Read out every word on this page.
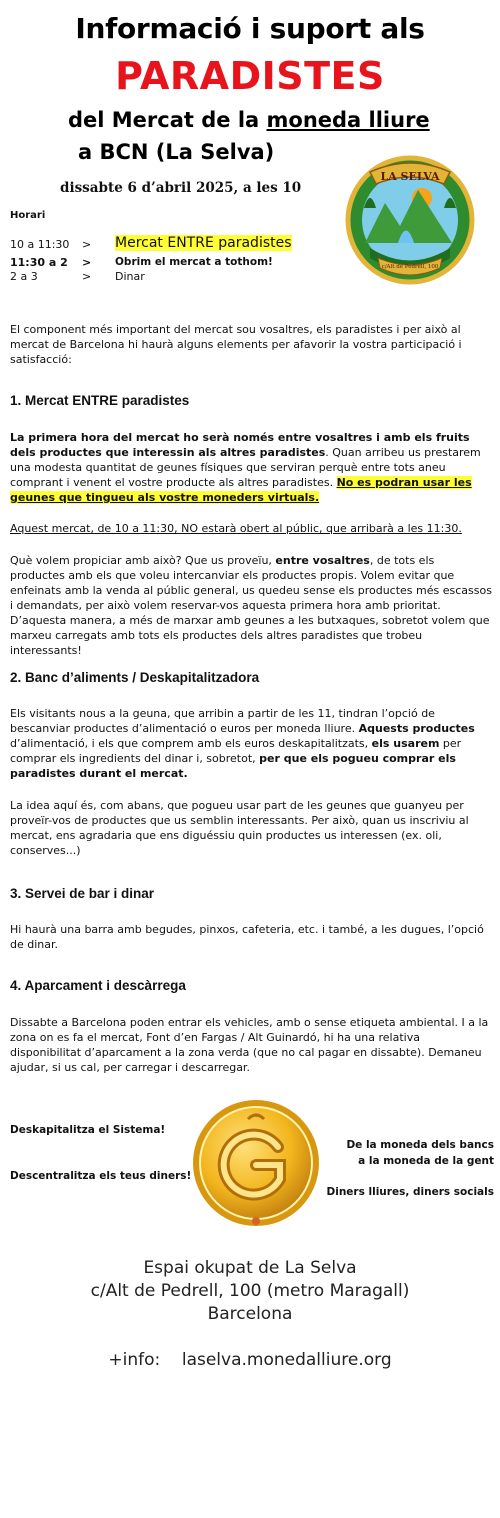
Informació i suport als
PARADISTES
del Mercat de la moneda lliure
a BCN (La Selva)
dissabte 6 d’abril 2025, a les 10
LA SELVA
c/Alt de Pedrell, 100
Horari
10 a 11:30 > Mercat ENTRE paradistes
11:30 a 2 > Obrim el mercat a tothom!
2 a 3	> Dinar
El component més important del mercat sou vosaltres, els paradistes i per això al mercat de Barcelona hi haurà alguns elements per afavorir la vostra participació i satisfacció:
1. Mercat ENTRE paradistes
La primera hora del mercat ho serà només entre vosaltres i amb els fruits dels productes que interessin als altres paradistes. Quan arribeu us prestarem una modesta quantitat de geunes físiques que serviran perquè entre tots aneu comprant i venent el vostre producte als altres paradistes. No es podran usar les geunes que tingueu als vostre moneders virtuals.
Aquest mercat, de 10 a 11:30, NO estarà obert al públic, que arribarà a les 11:30.
Què volem propiciar amb això? Que us proveïu, entre vosaltres, de tots els productes amb els que voleu intercanviar els productes propis. Volem evitar que enfeinats amb la venda al públic general, us quedeu sense els productes més escassos i demandats, per això volem reservar-vos aquesta primera hora amb prioritat. D’aquesta manera, a més de marxar amb geunes a les butxaques, sobretot volem que marxeu carregats amb tots els productes dels altres paradistes que trobeu interessants!
2. Banc d’aliments / Deskapitalitzadora
Els visitants nous a la geuna, que arribin a partir de les 11, tindran l’opció de bescanviar productes d’alimentació o euros per moneda lliure. Aquests productes d’alimentació, i els que comprem amb els euros deskapitalitzats, els usarem per comprar els ingredients del dinar i, sobretot, per que els pogueu comprar els paradistes durant el mercat.
La idea aquí és, com abans, que pogueu usar part de les geunes que guanyeu per proveïr-vos de productes que us semblin interessants. Per això, quan us inscriviu al mercat, ens agradaria que ens diguéssiu quin productes us interessen (ex. oli, conserves...)
3. Servei de bar i dinar
Hi haurà una barra amb begudes, pinxos, cafeteria, etc. i també, a les dugues, l’opció de dinar.
4. Aparcament i descàrrega
Dissabte a Barcelona poden entrar els vehicles, amb o sense etiqueta ambiental. I a la zona on es fa el mercat, Font d’en Fargas / Alt Guinardó, hi ha una relativa disponibilitat d’aparcament a la zona verda (que no cal pagar en dissabte). Demaneu ajudar, si us cal, per carregar i descarregar.
Deskapitalitza el Sistema!
Descentralitza els teus diners!
De la moneda dels bancs
a la moneda de la gent
Diners lliures, diners socials
Espai okupat de La Selva
c/Alt de Pedrell, 100 (metro Maragall)
Barcelona
+info: laselva.monedalliure.org
